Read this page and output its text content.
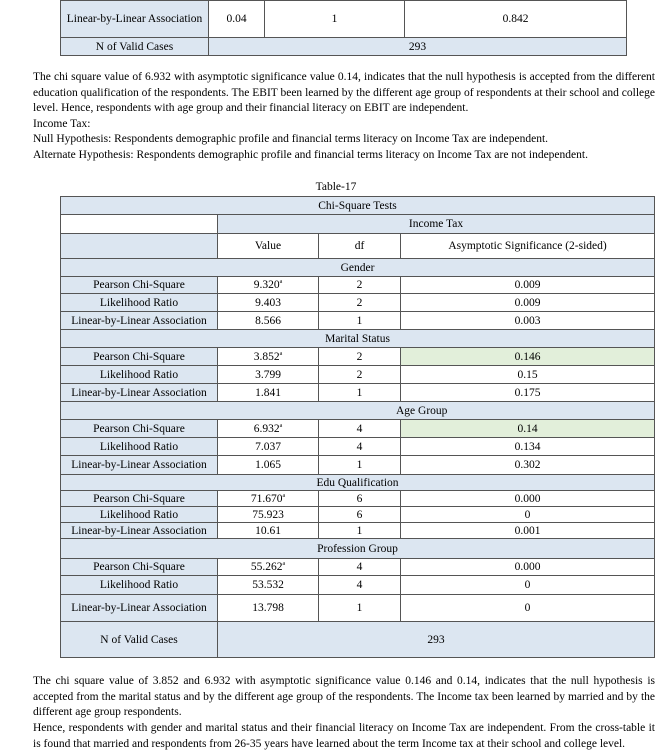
Linear-by-Linear Association	0.04	1	0.842
N of Valid Cases	293		
The chi square value of 6.932 with asymptotic significance value 0.14, indicates that the null hypothesis is accepted from the different education qualification of the respondents. The EBIT been learned by the different age group of respondents at their school and college level. Hence, respondents with age group and their financial literacy on EBIT are independent.
Income Tax:
Null Hypothesis: Respondents demographic profile and financial terms literacy on Income Tax are independent.
Alternate Hypothesis: Respondents demographic profile and financial terms literacy on Income Tax are not independent.
Table-17
Chi-Square Tests			
	Income Tax		
	Value	df	Asymptotic Significance (2-sided)
Gender			
Pearson Chi-Square	9.320$^a$	2	0.009
Likelihood Ratio	9.403	2	0.009
Linear-by-Linear Association	8.566	1	0.003
Marital Status			
Pearson Chi-Square	3.852$^a$	2	0.146
Likelihood Ratio	3.799	2	0.15
Linear-by-Linear Association	1.841	1	0.175
Age Group			
Pearson Chi-Square	6.932$^a$	4	0.14
Likelihood Ratio	7.037	4	0.134
Linear-by-Linear Association	1.065	1	0.302
Edu Qualification			
Pearson Chi-Square	71.670$^a$	6	0.000
Likelihood Ratio	75.923	6	0
Linear-by-Linear Association	10.61	1	0.001
Profession Group			
Pearson Chi-Square	55.262$^a$	4	0.000
Likelihood Ratio	53.532	4	0
Linear-by-Linear Association	13.798	1	0
N of Valid Cases	293		
The chi square value of 3.852 and 6.932 with asymptotic significance value 0.146 and 0.14, indicates that the null hypothesis is accepted from the marital status and by the different age group of the respondents. The Income tax been learned by married and by the different age group respondents.
Hence, respondents with gender and marital status and their financial literacy on Income Tax are independent. From the cross-table it is found that married and respondents from 26-35 years have learned about the term Income tax at their school and college level.
